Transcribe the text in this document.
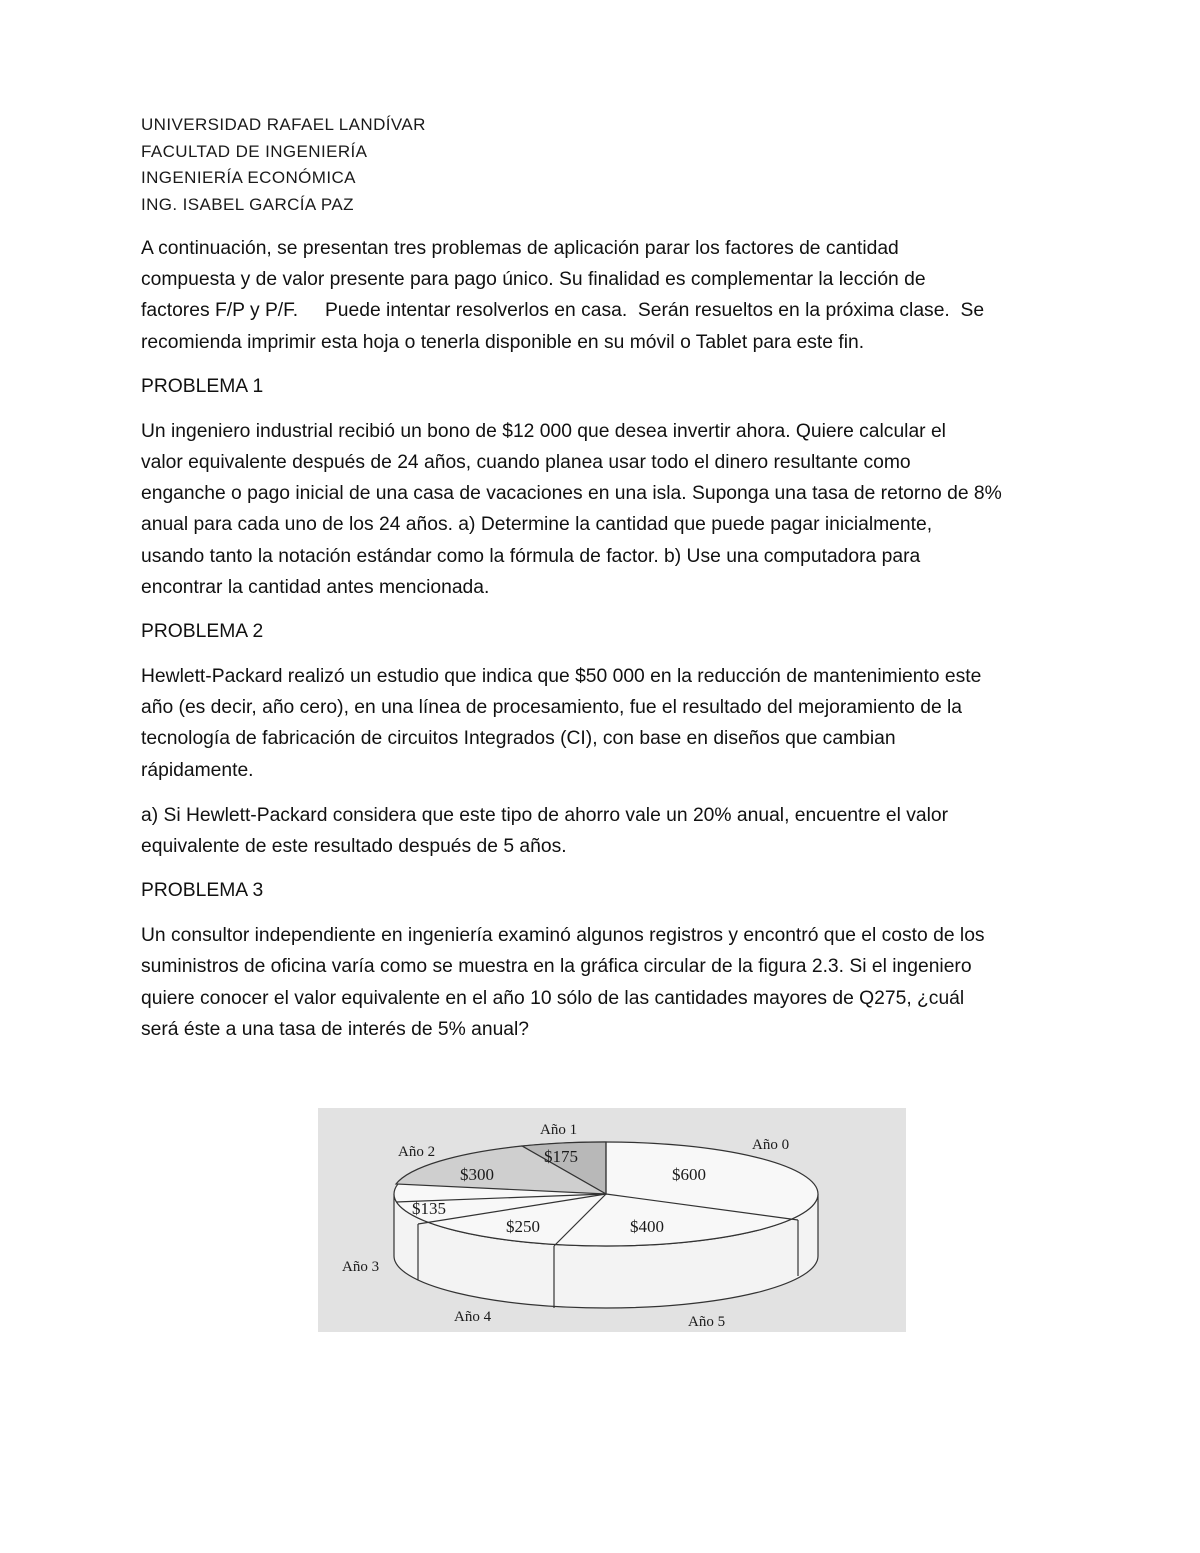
UNIVERSIDAD RAFAEL LANDÍVAR
FACULTAD DE INGENIERÍA
INGENIERÍA ECONÓMICA
ING. ISABEL GARCÍA PAZ

A continuación, se presentan tres problemas de aplicación parar los factores de cantidad
compuesta y de valor presente para pago único. Su finalidad es complementar la lección de
factores F/P y P/F.     Puede intentar resolverlos en casa.  Serán resueltos en la próxima clase.  Se
recomienda imprimir esta hoja o tenerla disponible en su móvil o Tablet para este fin.

PROBLEMA 1

Un ingeniero industrial recibió un bono de $12 000 que desea invertir ahora. Quiere calcular el
valor equivalente después de 24 años, cuando planea usar todo el dinero resultante como
enganche o pago inicial de una casa de vacaciones en una isla. Suponga una tasa de retorno de 8%
anual para cada uno de los 24 años. a) Determine la cantidad que puede pagar inicialmente,
usando tanto la notación estándar como la fórmula de factor. b) Use una computadora para
encontrar la cantidad antes mencionada.

PROBLEMA 2

Hewlett-Packard realizó un estudio que indica que $50 000 en la reducción de mantenimiento este
año (es decir, año cero), en una línea de procesamiento, fue el resultado del mejoramiento de la
tecnología de fabricación de circuitos Integrados (CI), con base en diseños que cambian
rápidamente.

a) Si Hewlett-Packard considera que este tipo de ahorro vale un 20% anual, encuentre el valor
equivalente de este resultado después de 5 años.

PROBLEMA 3

Un consultor independiente en ingeniería examinó algunos registros y encontró que el costo de los
suministros de oficina varía como se muestra en la gráfica circular de la figura 2.3. Si el ingeniero
quiere conocer el valor equivalente en el año 10 sólo de las cantidades mayores de Q275, ¿cuál
será éste a una tasa de interés de 5% anual?

$600
$175
$300
$135
$250	$400
Año 0
Año 1
Año 2
Año 3
Año 4	Año 5
